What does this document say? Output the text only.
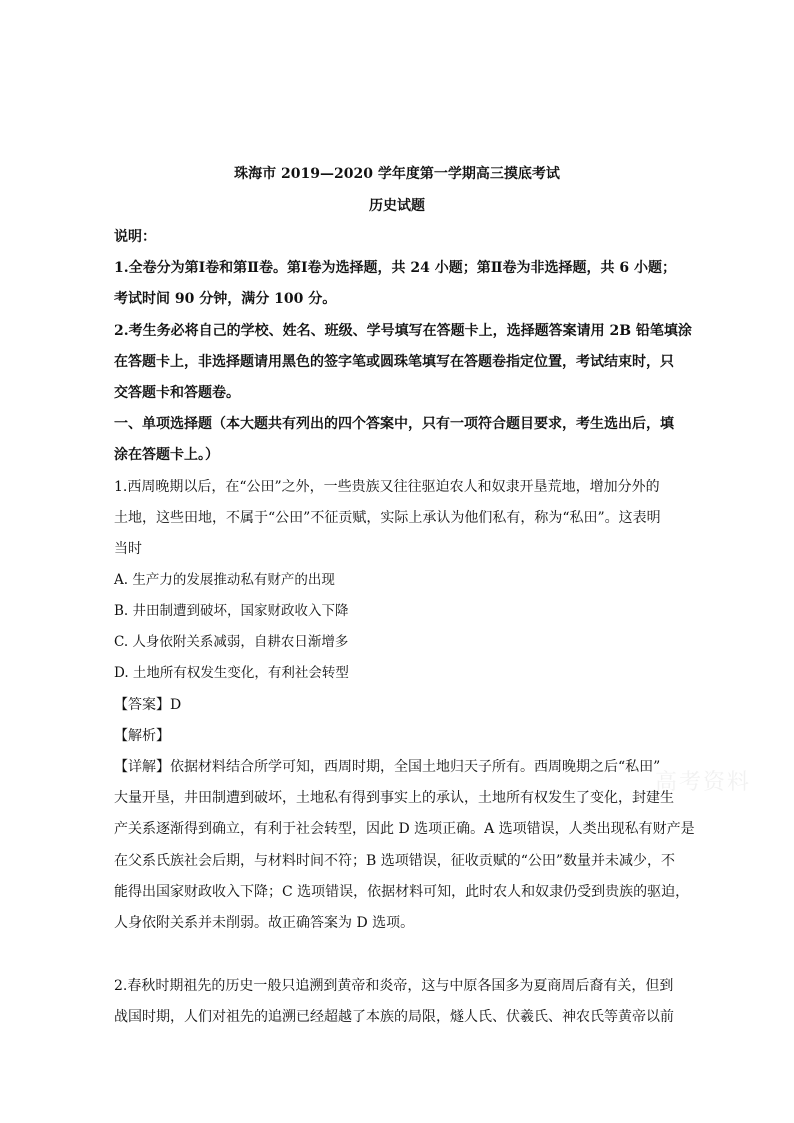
珠海市 2019—2020 学年度第一学期高三摸底考试
历史试题
说明：
1.全卷分为第Ⅰ卷和第Ⅱ卷。第Ⅰ卷为选择题，共 24 小题；第Ⅱ卷为非选择题，共 6 小题；
考试时间 90 分钟，满分 100 分。
2.考生务必将自己的学校、姓名、班级、学号填写在答题卡上，选择题答案请用 2B 铅笔填涂
在答题卡上，非选择题请用黑色的签字笔或圆珠笔填写在答题卷指定位置，考试结束时，只
交答题卡和答题卷。
一、单项选择题（本大题共有列出的四个答案中，只有一项符合题目要求，考生选出后，填
涂在答题卡上。）
1.西周晚期以后，在“公田”之外，一些贵族又往往驱迫农人和奴隶开垦荒地，增加分外的
土地，这些田地，不属于“公田”不征贡赋，实际上承认为他们私有，称为“私田”。这表明
当时
A. 生产力的发展推动私有财产的出现
B. 井田制遭到破坏，国家财政收入下降
C. 人身依附关系减弱，自耕农日渐增多
D. 土地所有权发生变化，有利社会转型
【答案】D
【解析】
【详解】依据材料结合所学可知，西周时期，全国土地归天子所有。西周晚期之后“私田”
大量开垦，井田制遭到破坏，土地私有得到事实上的承认，土地所有权发生了变化，封建生
产关系逐渐得到确立，有利于社会转型，因此 D 选项正确。A 选项错误，人类出现私有财产是
在父系氏族社会后期，与材料时间不符；B 选项错误，征收贡赋的“公田”数量并未减少，不
能得出国家财政收入下降；C 选项错误，依据材料可知，此时农人和奴隶仍受到贵族的驱迫，
人身依附关系并未削弱。故正确答案为 D 选项。
2.春秋时期祖先的历史一般只追溯到黄帝和炎帝，这与中原各国多为夏商周后裔有关，但到
战国时期，人们对祖先的追溯已经超越了本族的局限，燧人氏、伏羲氏、神农氏等黄帝以前
高考资料
